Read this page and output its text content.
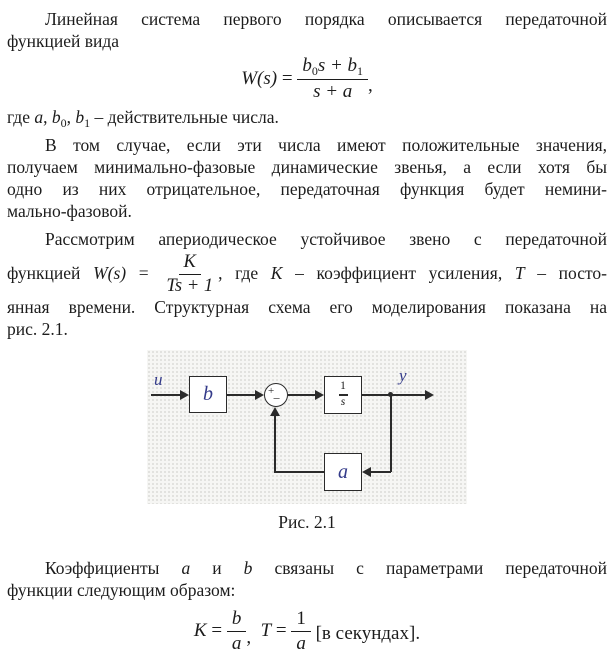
Линейная система первого порядка описывается передаточной
функцией вида
$W(s) = \frac{b_0s + b_1}{s + a}$ ,
где a, $b_0$, $b_1$ – действительные числа.
В том случае, если эти числа имеют положительные значения,
получаем минимально-фазовые динамические звенья, а если хотя бы
одно из них отрицательное, передаточная функция будет немини-
мально-фазовой.
Рассмотрим апериодическое устойчивое звено с передаточной
функцией $W(s) = \frac{K}{Ts + 1}$ , где K – коэффициент усиления, T – посто-
янная времени. Структурная схема его моделирования показана на
рис. 2.1.
u
b	+
−
1
s
y
a
Рис. 2.1
Коэффициенты a и b связаны с параметрами передаточной
функции следующим образом:
$K = \frac{b}{a}$ , $T = \frac{1}{a} [в$ секундах].
